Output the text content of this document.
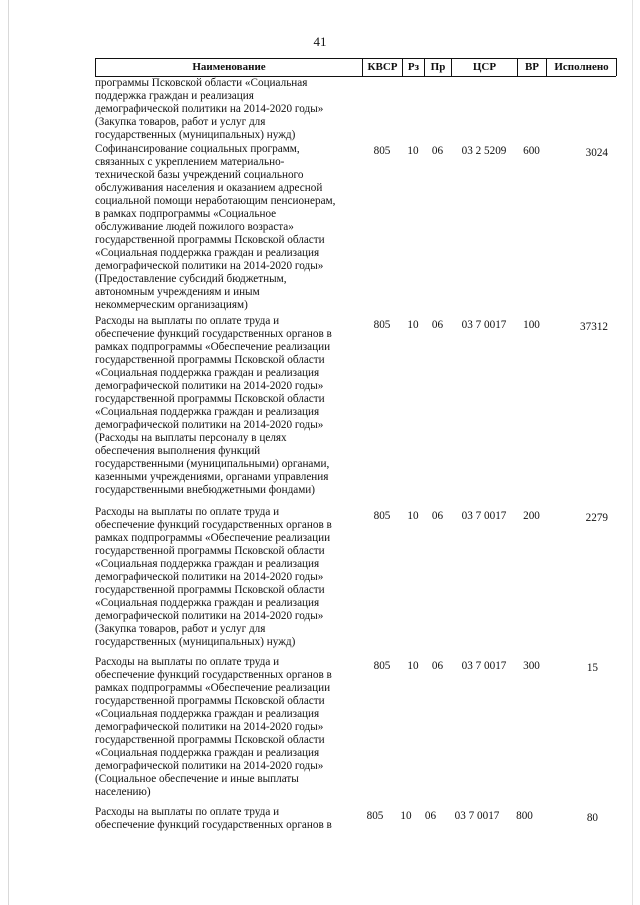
41
Наименование	КВСР Рз	Пр	ЦСР	ВР	Исполнено
программы Псковской области «Социальная
поддержка граждан и реализация
демографической политики на 2014-2020 годы»
(Закупка товаров, работ и услуг для
государственных (муниципальных) нужд)
Софинансирование социальных программ,
связанных с укреплением материально-
технической базы учреждений социального
обслуживания населения и оказанием адресной
социальной помощи неработающим пенсионерам,
в рамках подпрограммы «Социальное
обслуживание людей пожилого возраста»
государственной программы Псковской области
«Социальная поддержка граждан и реализация
демографической политики на 2014-2020 годы»
(Предоставление субсидий бюджетным,
автономным учреждениям и иным
некоммерческим организациям)
805	10	06	03 2 5209	600	3024
Расходы на выплаты по оплате труда и
обеспечение функций государственных органов в
рамках подпрограммы «Обеспечение реализации
государственной программы Псковской области
«Социальная поддержка граждан и реализация
демографической политики на 2014-2020 годы»
государственной программы Псковской области
«Социальная поддержка граждан и реализация
демографической политики на 2014-2020 годы»
(Расходы на выплаты персоналу в целях
обеспечения выполнения функций
государственными (муниципальными) органами,
казенными учреждениями, органами управления
государственными внебюджетными фондами)
805	10	06	03 7 0017	100	37312
Расходы на выплаты по оплате труда и
обеспечение функций государственных органов в
рамках подпрограммы «Обеспечение реализации
государственной программы Псковской области
«Социальная поддержка граждан и реализация
демографической политики на 2014-2020 годы»
государственной программы Псковской области
«Социальная поддержка граждан и реализация
демографической политики на 2014-2020 годы»
(Закупка товаров, работ и услуг для
государственных (муниципальных) нужд)
805	10	06	03 7 0017	200	2279
Расходы на выплаты по оплате труда и
обеспечение функций государственных органов в
рамках подпрограммы «Обеспечение реализации
государственной программы Псковской области
«Социальная поддержка граждан и реализация
демографической политики на 2014-2020 годы»
государственной программы Псковской области
«Социальная поддержка граждан и реализация
демографической политики на 2014-2020 годы»
(Социальное обеспечение и иные выплаты
населению)
805	10	06	03 7 0017	300	15
Расходы на выплаты по оплате труда и
обеспечение функций государственных органов в
805	10	06	03 7 0017	800	80
